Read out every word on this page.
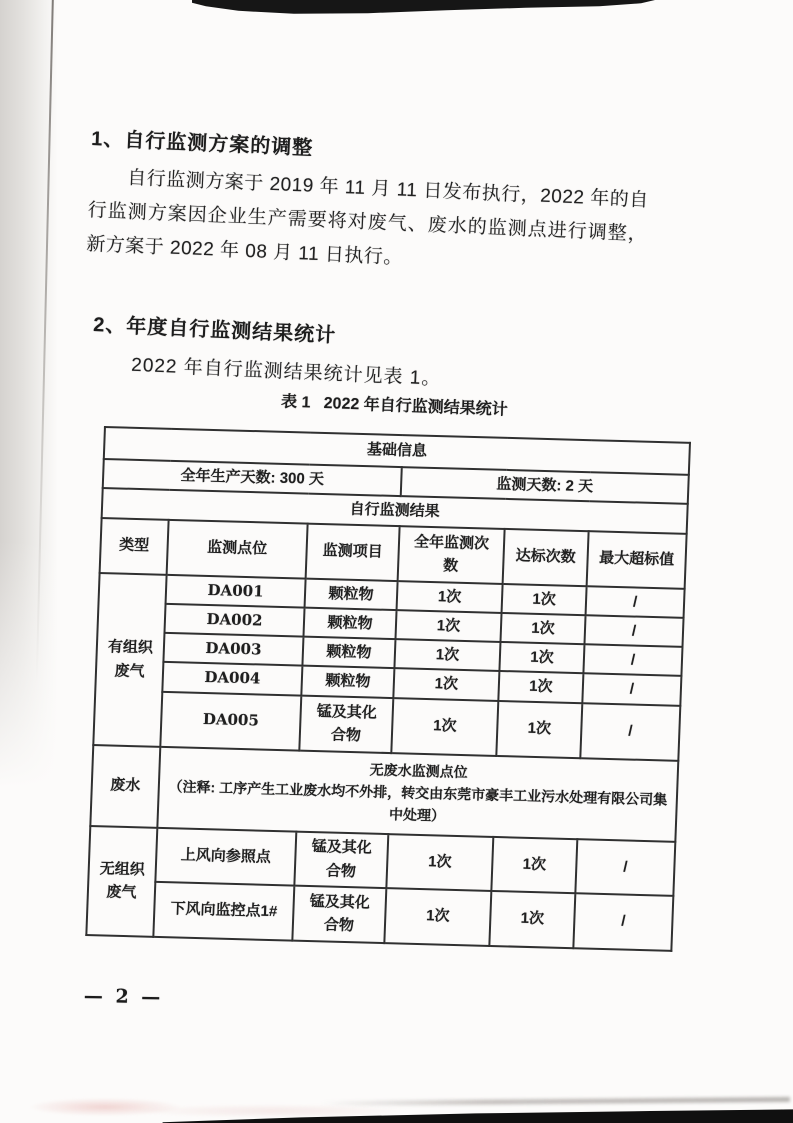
1、自行监测方案的调整
自行监测方案于 2019 年 11 月 11 日发布执行，2022 年的自行监测方案因企业生产需要将对废气、废水的监测点进行调整，新方案于 2022 年 08 月 11 日执行。
2、年度自行监测结果统计
2022 年自行监测结果统计见表 1。
表 1   2022 年自行监测结果统计
基础信息					
全年生产天数: 300 天			监测天数: 2 天		
自行监测结果					
类型	监测点位	监测项目	全年监测次数	达标次数	最大超标值
有组织废气	DA001	颗粒物	1次	1次	/
	DA002	颗粒物	1次	1次	/
	DA003	颗粒物	1次	1次	/
	DA004	颗粒物	1次	1次	/
	DA005	锰及其化合物	1次	1次	/
废水	无废水监测点位
（注释: 工序产生工业废水均不外排，转交由东莞市豪丰工业污水处理有限公司集中处理）				

无组织废气	上风向参照点	锰及其化合物	1次	1次	/
	下风向监控点1#	锰及其化合物	1次	1次	/
— 2 —
